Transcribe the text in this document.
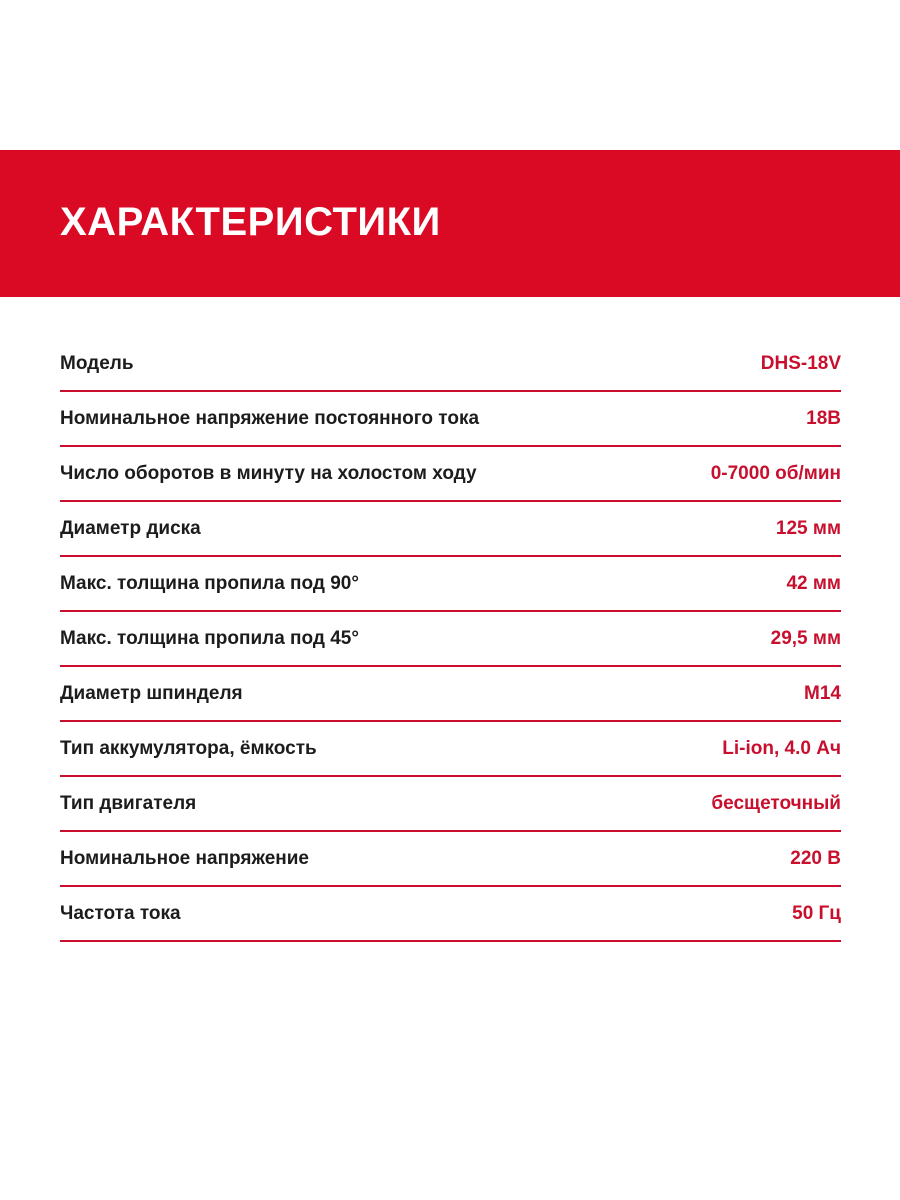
ХАРАКТЕРИСТИКИ
Модель	DHS-18V
Номинальное напряжение постоянного тока	18В
Число оборотов в минуту на холостом ходу	0-7000 об/мин
Диаметр диска	125 мм
Макс. толщина пропила под 90°	42 мм
Макс. толщина пропила под 45°	29,5 мм
Диаметр шпинделя	М14
Тип аккумулятора, ёмкость	Li-ion, 4.0 Ач
Тип двигателя	бесщеточный
Номинальное напряжение	220 В
Частота тока	50 Гц
